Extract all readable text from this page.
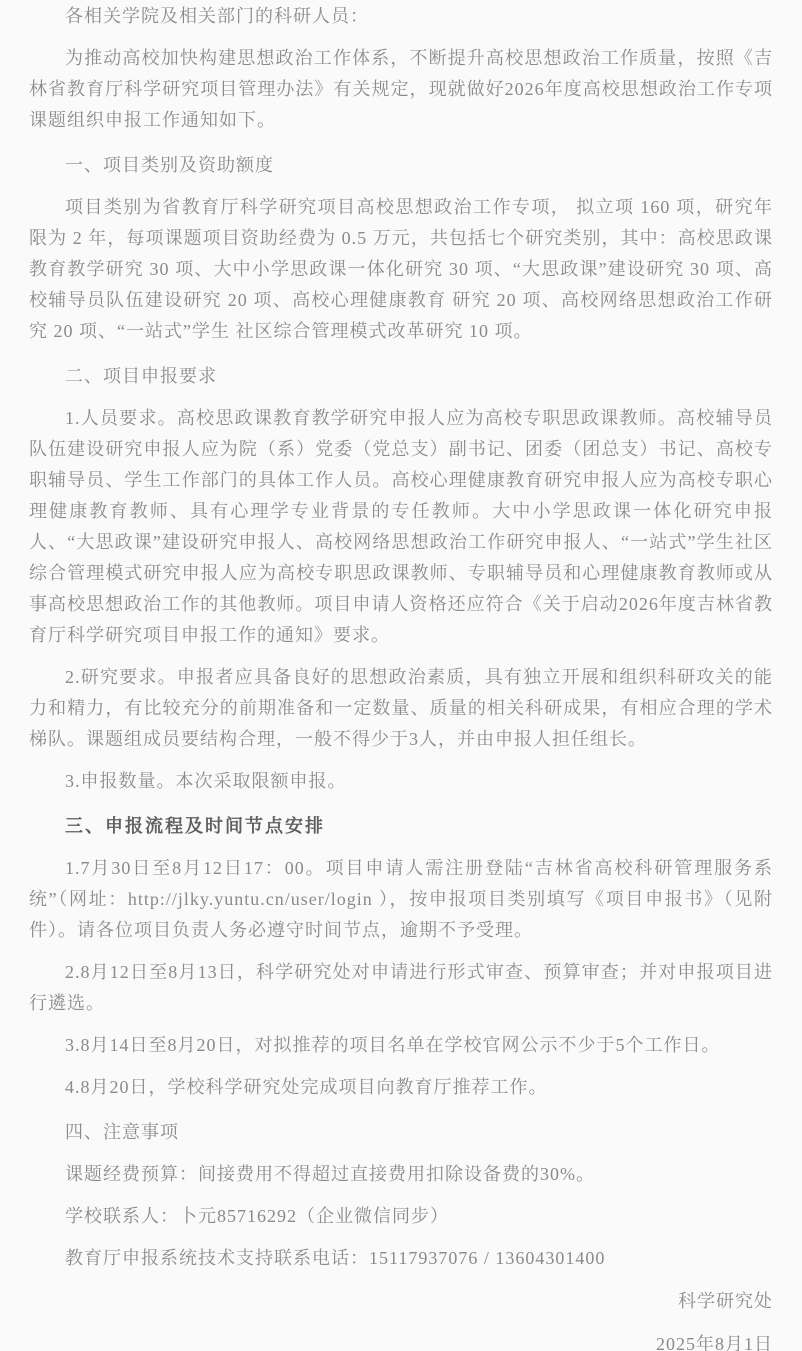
各相关学院及相关部门的科研人员：

为推动高校加快构建思想政治工作体系，不断提升高校思想政治工作质量，按照《吉林省教育厅科学研究项目管理办法》有关规定，现就做好2026年度高校思想政治工作专项课题组织申报工作通知如下。

一、项目类别及资助额度

项目类别为省教育厅科学研究项目高校思想政治工作专项， 拟立项 160 项，研究年限为 2 年，每项课题项目资助经费为 0.5 万元，共包括七个研究类别，其中：高校思政课教育教学研究 30 项、大中小学思政课一体化研究 30 项、“大思政课”建设研究 30 项、高校辅导员队伍建设研究 20 项、高校心理健康教育 研究 20 项、高校网络思想政治工作研究 20 项、“一站式”学生 社区综合管理模式改革研究 10 项。

二、项目申报要求

1.人员要求。高校思政课教育教学研究申报人应为高校专职思政课教师。高校辅导员队伍建设研究申报人应为院（系）党委（党总支）副书记、团委（团总支）书记、高校专职辅导员、学生工作部门的具体工作人员。高校心理健康教育研究申报人应为高校专职心理健康教育教师、具有心理学专业背景的专任教师。大中小学思政课一体化研究申报人、“大思政课”建设研究申报人、高校网络思想政治工作研究申报人、“一站式”学生社区综合管理模式研究申报人应为高校专职思政课教师、专职辅导员和心理健康教育教师或从事高校思想政治工作的其他教师。项目申请人资格还应符合《关于启动2026年度吉林省教育厅科学研究项目申报工作的通知》要求。

2.研究要求。申报者应具备良好的思想政治素质，具有独立开展和组织科研攻关的能力和精力，有比较充分的前期准备和一定数量、质量的相关科研成果，有相应合理的学术梯队。课题组成员要结构合理，一般不得少于3人，并由申报人担任组长。

3.申报数量。本次采取限额申报。

三、申报流程及时间节点安排

1.7月30日至8月12日17：00。项目申请人需注册登陆“吉林省高校科研管理服务系统”（网址：http://jlky.yuntu.cn/user/login ），按申报项目类别填写《项目申报书》（见附件）。请各位项目负责人务必遵守时间节点，逾期不予受理。

2.8月12日至8月13日，科学研究处对申请进行形式审查、预算审查；并对申报项目进行遴选。

3.8月14日至8月20日，对拟推荐的项目名单在学校官网公示不少于5个工作日。

4.8月20日，学校科学研究处完成项目向教育厅推荐工作。

四、注意事项

课题经费预算：间接费用不得超过直接费用扣除设备费的30%。

学校联系人：卜元85716292（企业微信同步）

教育厅申报系统技术支持联系电话：15117937076 / 13604301400

科学研究处

2025年8月1日
